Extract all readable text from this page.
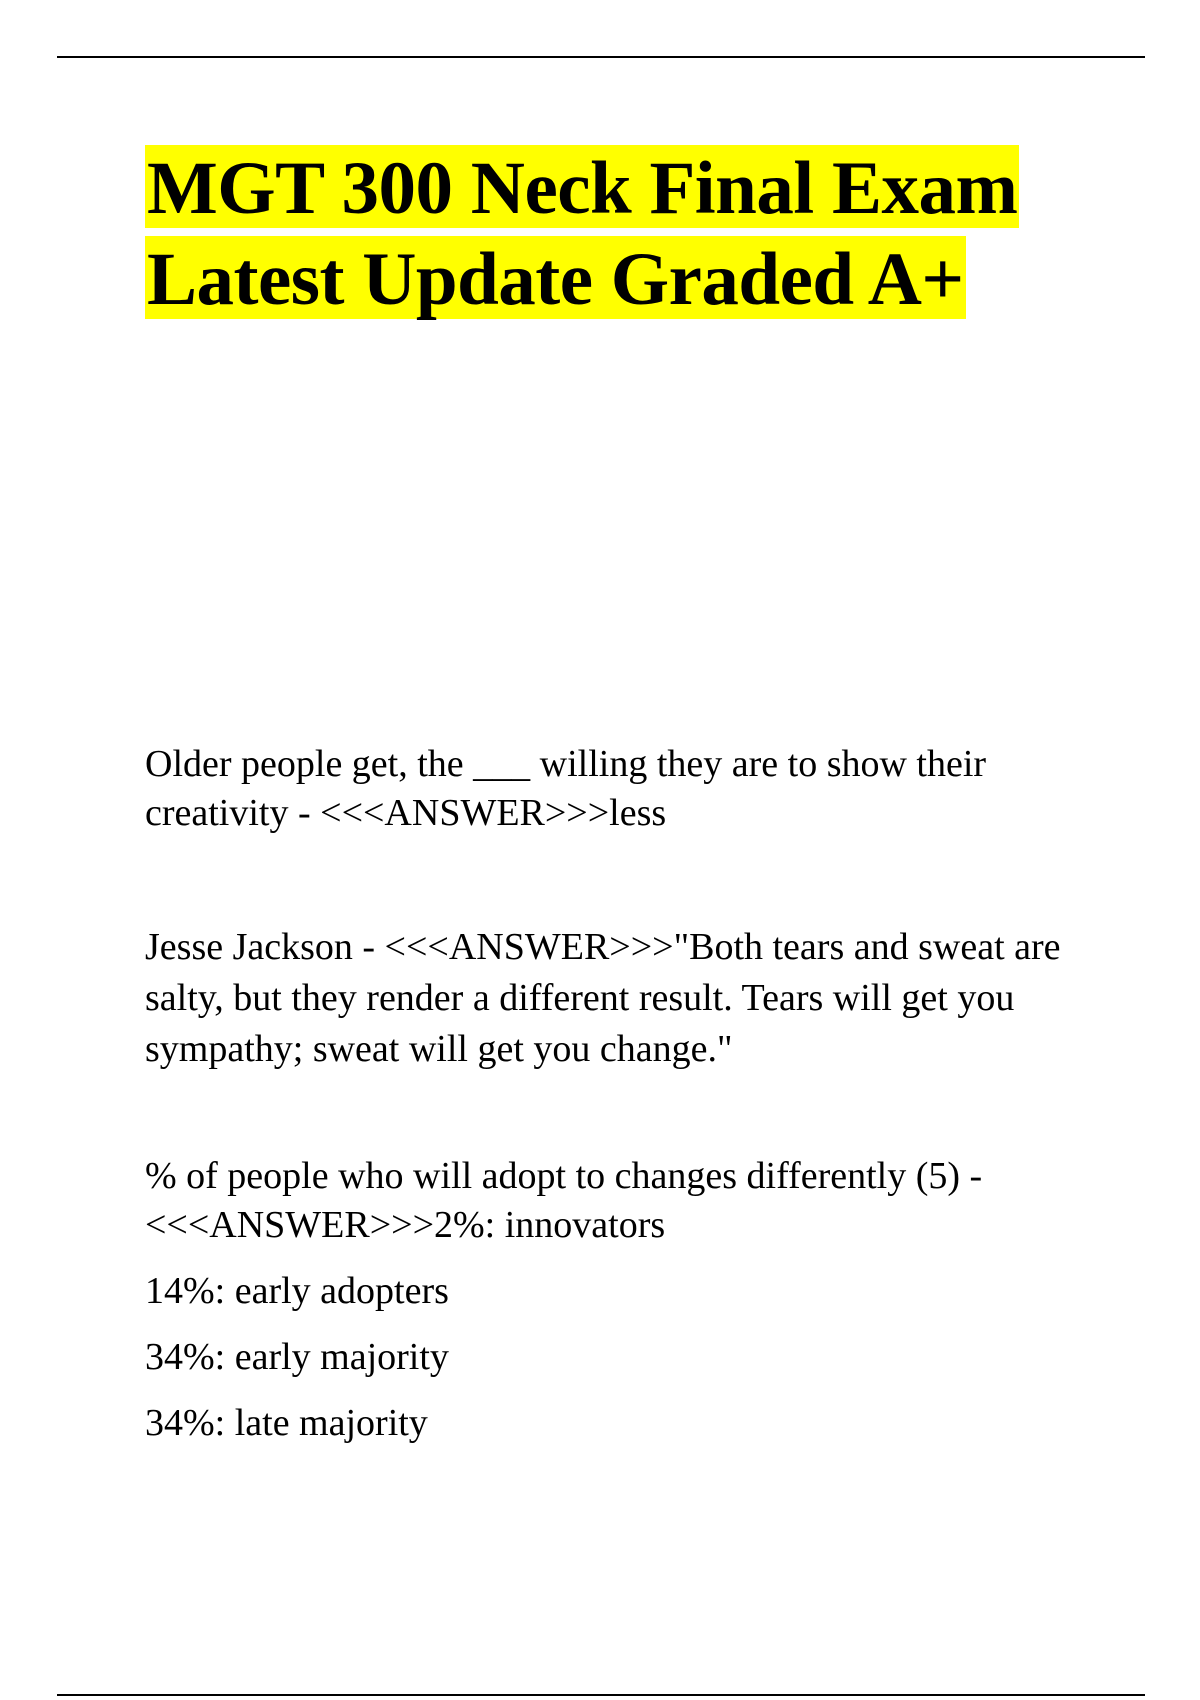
MGT 300 Neck Final Exam
Latest Update Graded A+

Older people get, the ___ willing they are to show their creativity - <<<ANSWER>>>less

Jesse Jackson - <<<ANSWER>>>"Both tears and sweat are salty, but they render a different result. Tears will get you sympathy; sweat will get you change."

% of people who will adopt to changes differently (5) - <<<ANSWER>>>2%: innovators

14%: early adopters

34%: early majority

34%: late majority
